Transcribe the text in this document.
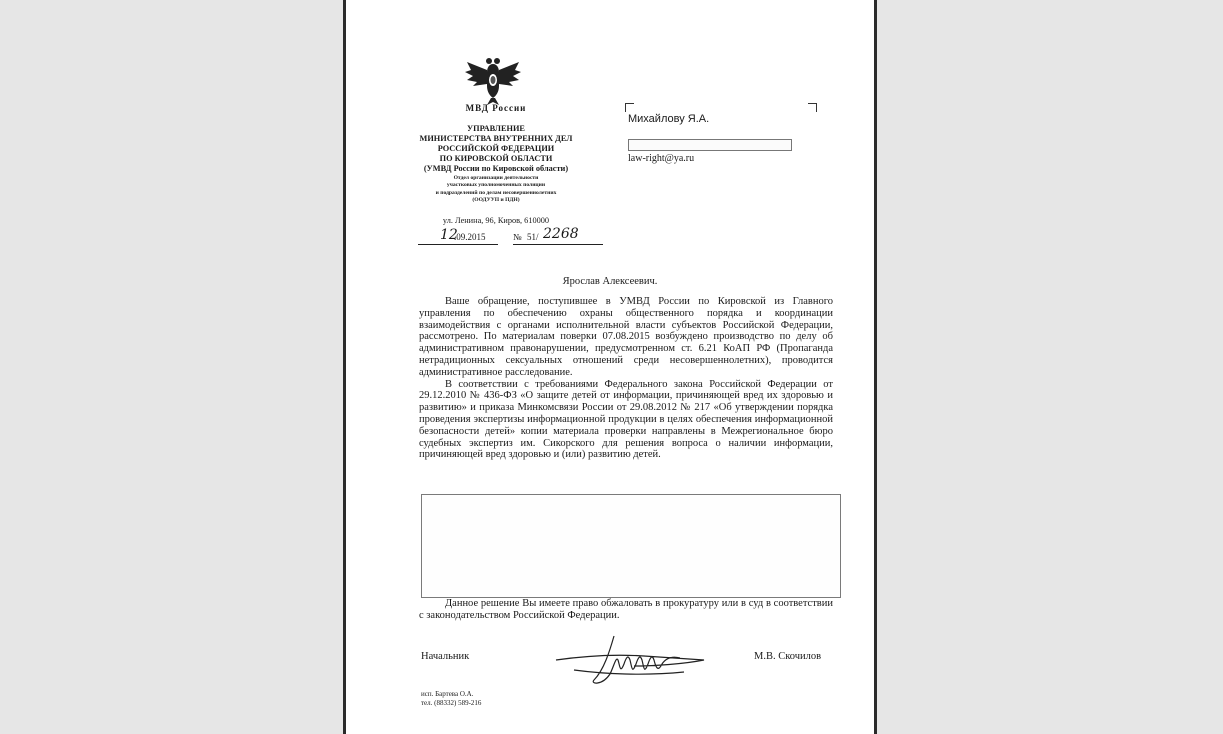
МВД России
УПРАВЛЕНИЕ
МИНИСТЕРСТВА ВНУТРЕННИХ ДЕЛ
РОССИЙСКОЙ ФЕДЕРАЦИИ
ПО КИРОВСКОЙ ОБЛАСТИ
(УМВД России по Кировской области)
Отдел организации деятельности
участковых уполномоченных полиции
и подразделений по делам несовершеннолетних
(ООДУУП и ПДН)
ул. Ленина, 96, Киров, 610000
12
.09.2015	№ 51/ 2268
Михайлову Я.А.
law-right@ya.ru
Ярослав Алексеевич.

Ваше обращение, поступившее в УМВД России по Кировской из Главного управления по обеспечению охраны общественного порядка и координации взаимодействия с органами исполнительной власти субъектов Российской Федерации, рассмотрено. По материалам поверки 07.08.2015 возбуждено производство по делу об административном правонарушении, предусмотренном ст. 6.21 КоАП РФ (Пропаганда нетрадиционных сексуальных отношений среди несовершеннолетних), проводится административное расследование.

В соответствии с требованиями Федерального закона Российской Федерации от 29.12.2010 № 436-ФЗ «О защите детей от информации, причиняющей вред их здоровью и развитию» и приказа Минкомсвязи России от 29.08.2012 № 217 «Об утверждении порядка проведения экспертизы информационной продукции в целях обеспечения информационной безопасности детей» копии материала проверки направлены в Межрегиональное бюро судебных экспертиз им. Сикорского для решения вопроса о наличии информации, причиняющей вред здоровью и (или) развитию детей.

Данное решение Вы имеете право обжаловать в прокуратуру или в суд в соответствии с законодательством Российской Федерации.

Начальник	М.В. Скочилов
исп. Бартева О.А.
тел. (88332) 589-216
